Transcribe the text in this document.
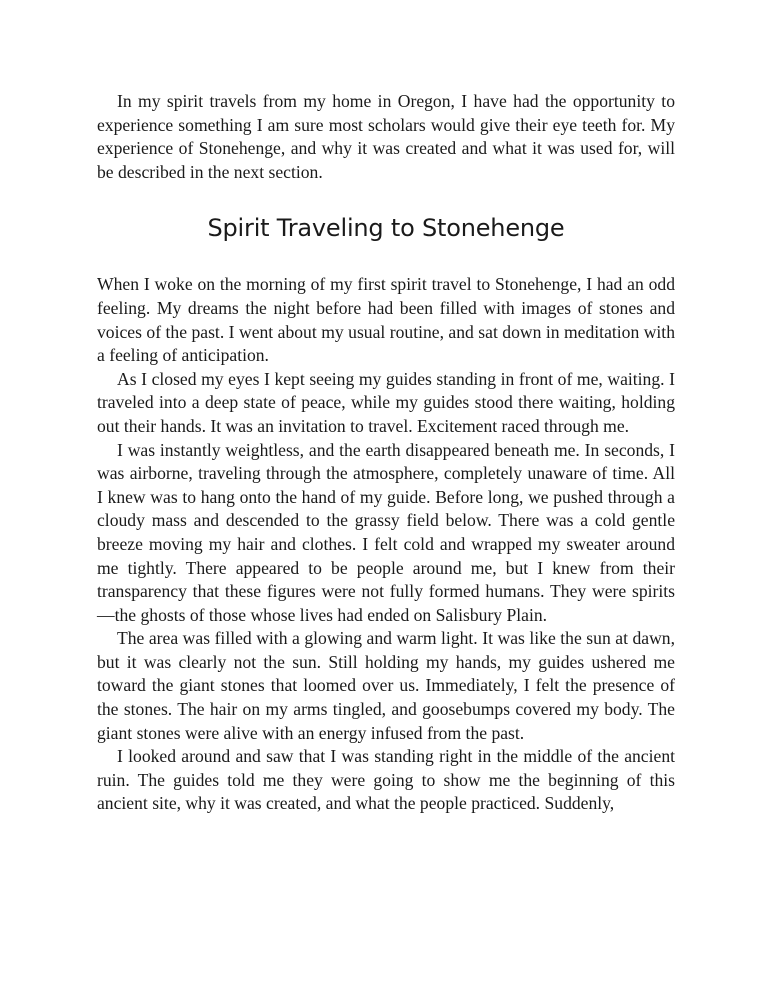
In my spirit travels from my home in Oregon, I have had the opportunity to experience something I am sure most scholars would give their eye teeth for. My experience of Stonehenge, and why it was created and what it was used for, will be described in the next section.

Spirit Traveling to Stonehenge

When I woke on the morning of my first spirit travel to Stonehenge, I had an odd feeling. My dreams the night before had been filled with images of stones and voices of the past. I went about my usual routine, and sat down in meditation with a feeling of anticipation.

As I closed my eyes I kept seeing my guides standing in front of me, waiting. I traveled into a deep state of peace, while my guides stood there waiting, holding out their hands. It was an invitation to travel. Excitement raced through me.

I was instantly weightless, and the earth disappeared beneath me. In seconds, I was airborne, traveling through the atmosphere, completely unaware of time. All I knew was to hang onto the hand of my guide. Before long, we pushed through a cloudy mass and descended to the grassy field below. There was a cold gentle breeze moving my hair and clothes. I felt cold and wrapped my sweater around me tightly. There appeared to be people around me, but I knew from their transparency that these figures were not fully formed humans. They were spirits—the ghosts of those whose lives had ended on Salisbury Plain.

The area was filled with a glowing and warm light. It was like the sun at dawn, but it was clearly not the sun. Still holding my hands, my guides ushered me toward the giant stones that loomed over us. Immediately, I felt the presence of the stones. The hair on my arms tingled, and goosebumps covered my body. The giant stones were alive with an energy infused from the past.

I looked around and saw that I was standing right in the middle of the ancient ruin. The guides told me they were going to show me the beginning of this ancient site, why it was created, and what the people practiced. Suddenly,
